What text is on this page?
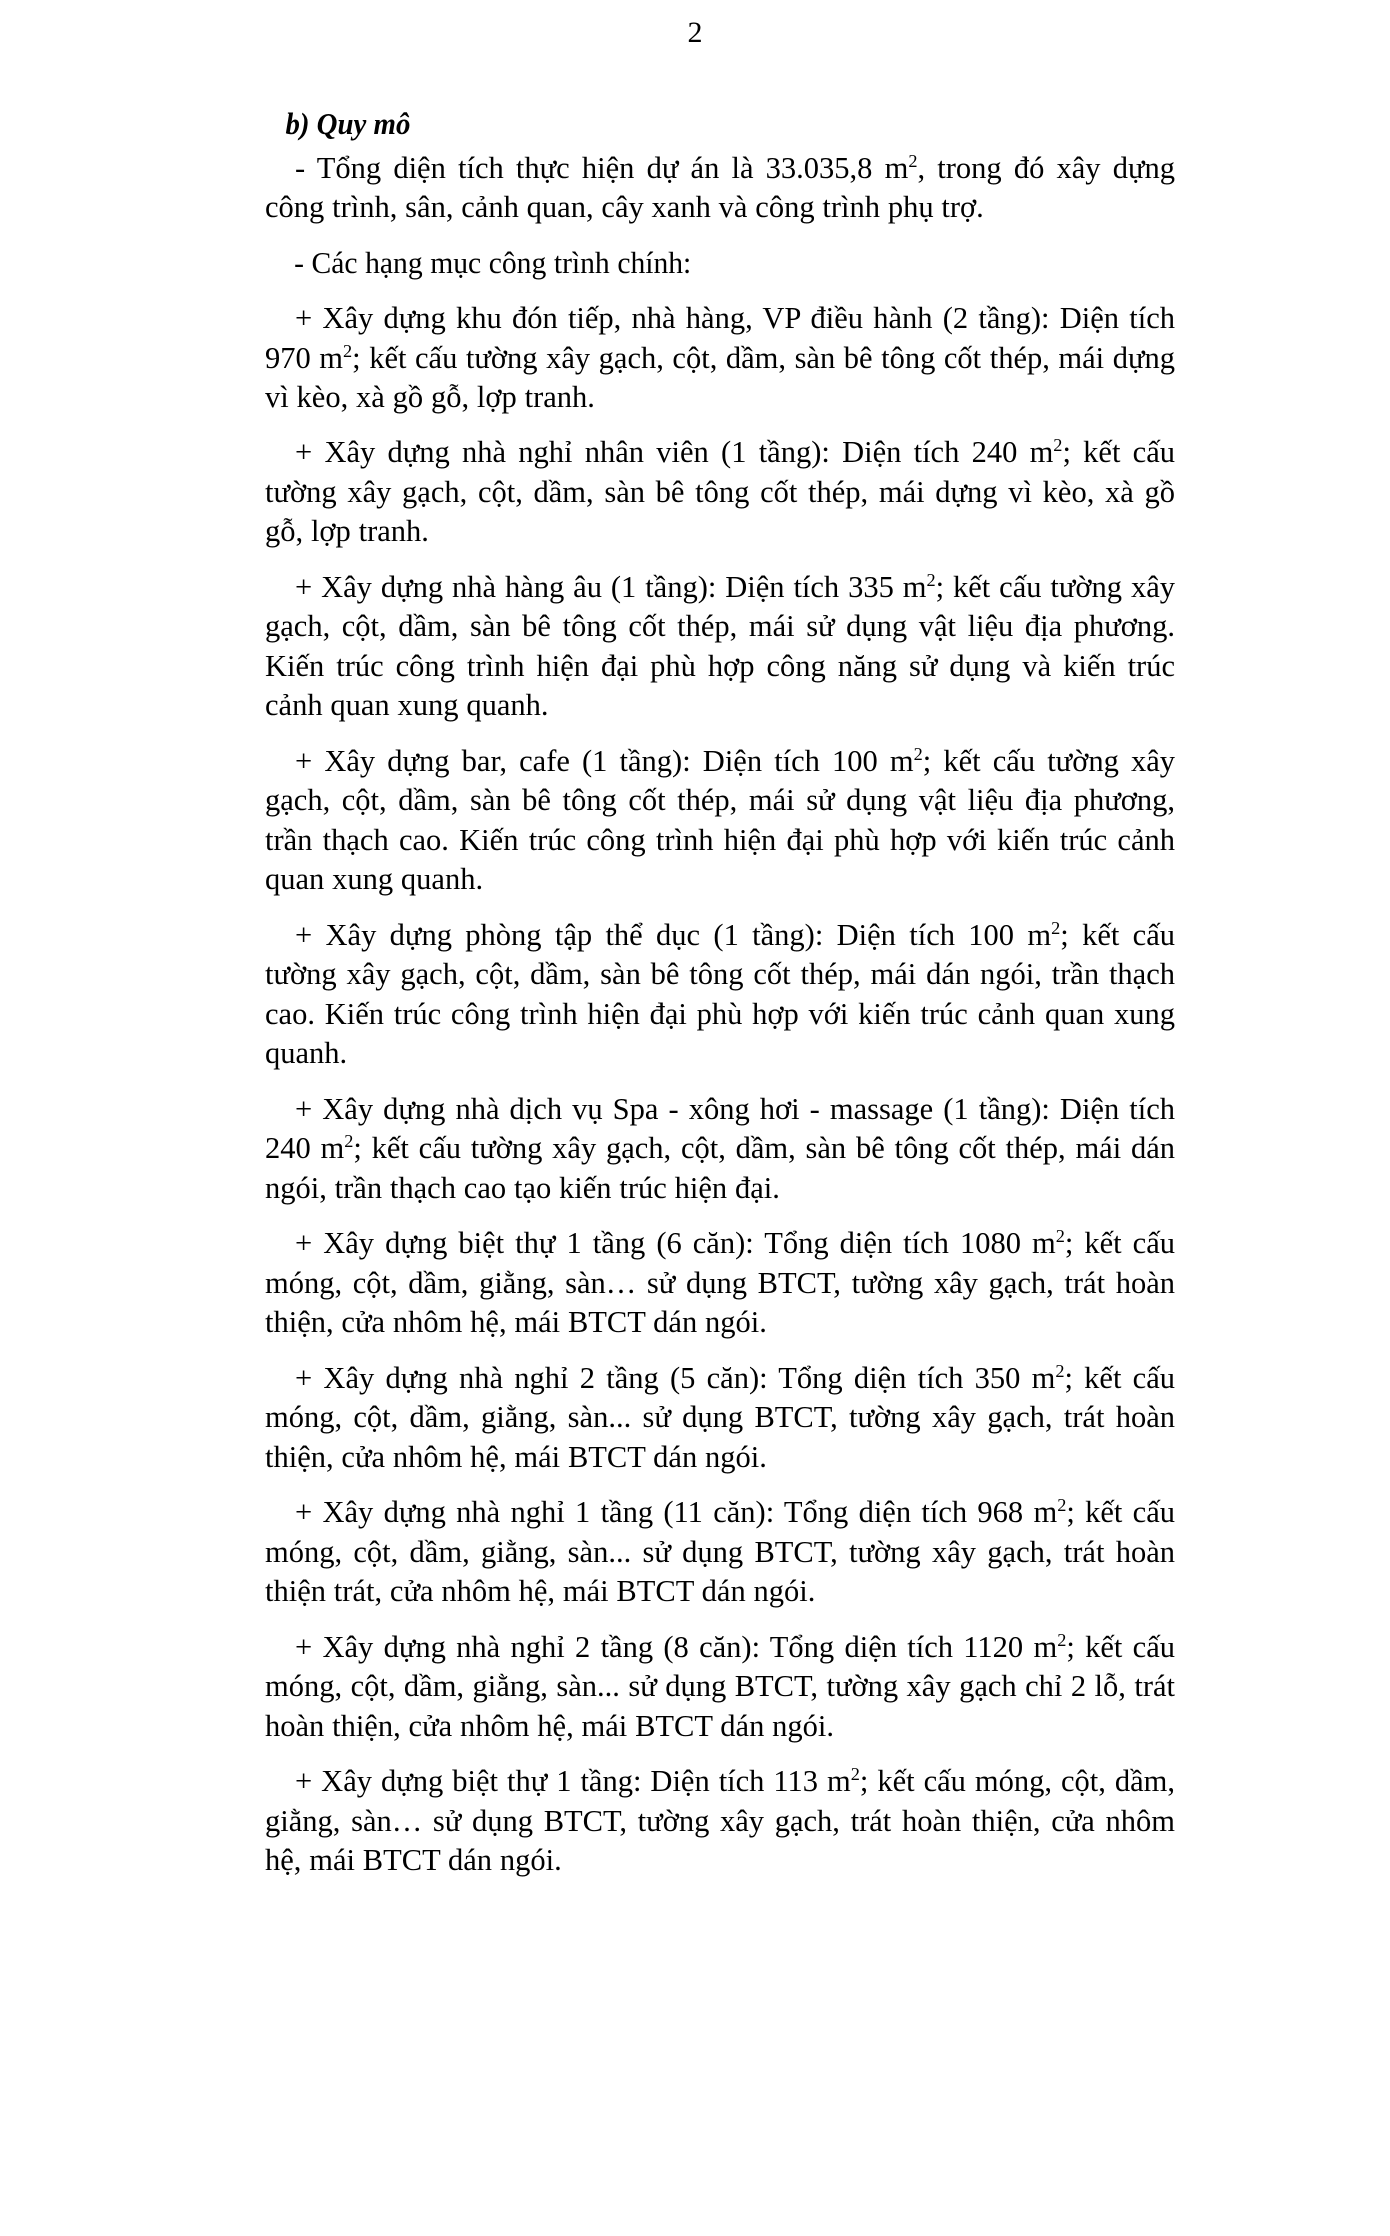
2
b) Quy mô

- Tổng diện tích thực hiện dự án là 33.035,8 $m^2$, trong đó xây dựng công trình, sân, cảnh quan, cây xanh và công trình phụ trợ.

- Các hạng mục công trình chính:

+ Xây dựng khu đón tiếp, nhà hàng, VP điều hành (2 tầng): Diện tích 970 $m^2$; kết cấu tường xây gạch, cột, dầm, sàn bê tông cốt thép, mái dựng vì kèo, xà gồ gỗ, lợp tranh.

+ Xây dựng nhà nghỉ nhân viên (1 tầng): Diện tích 240 $m^2$; kết cấu tường xây gạch, cột, dầm, sàn bê tông cốt thép, mái dựng vì kèo, xà gồ gỗ, lợp tranh.

+ Xây dựng nhà hàng âu (1 tầng): Diện tích 335 $m^2$; kết cấu tường xây gạch, cột, dầm, sàn bê tông cốt thép, mái sử dụng vật liệu địa phương. Kiến trúc công trình hiện đại phù hợp công năng sử dụng và kiến trúc cảnh quan xung quanh.

+ Xây dựng bar, cafe (1 tầng): Diện tích 100 $m^2$; kết cấu tường xây gạch, cột, dầm, sàn bê tông cốt thép, mái sử dụng vật liệu địa phương, trần thạch cao. Kiến trúc công trình hiện đại phù hợp với kiến trúc cảnh quan xung quanh.

+ Xây dựng phòng tập thể dục (1 tầng): Diện tích 100 $m^2$; kết cấu tường xây gạch, cột, dầm, sàn bê tông cốt thép, mái dán ngói, trần thạch cao. Kiến trúc công trình hiện đại phù hợp với kiến trúc cảnh quan xung quanh.

+ Xây dựng nhà dịch vụ Spa - xông hơi - massage (1 tầng): Diện tích 240 $m^2$; kết cấu tường xây gạch, cột, dầm, sàn bê tông cốt thép, mái dán ngói, trần thạch cao tạo kiến trúc hiện đại.

+ Xây dựng biệt thự 1 tầng (6 căn): Tổng diện tích 1080 $m^2$; kết cấu móng, cột, dầm, giằng, sàn… sử dụng BTCT, tường xây gạch, trát hoàn thiện, cửa nhôm hệ, mái BTCT dán ngói.

+ Xây dựng nhà nghỉ 2 tầng (5 căn): Tổng diện tích 350 $m^2$; kết cấu móng, cột, dầm, giằng, sàn... sử dụng BTCT, tường xây gạch, trát hoàn thiện, cửa nhôm hệ, mái BTCT dán ngói.

+ Xây dựng nhà nghỉ 1 tầng (11 căn): Tổng diện tích 968 $m^2$; kết cấu móng, cột, dầm, giằng, sàn... sử dụng BTCT, tường xây gạch, trát hoàn thiện trát, cửa nhôm hệ, mái BTCT dán ngói.

+ Xây dựng nhà nghỉ 2 tầng (8 căn): Tổng diện tích 1120 $m^2$; kết cấu móng, cột, dầm, giằng, sàn... sử dụng BTCT, tường xây gạch chỉ 2 lỗ, trát hoàn thiện, cửa nhôm hệ, mái BTCT dán ngói.

+ Xây dựng biệt thự 1 tầng: Diện tích 113 $m^2$; kết cấu móng, cột, dầm, giằng, sàn… sử dụng BTCT, tường xây gạch, trát hoàn thiện, cửa nhôm hệ, mái BTCT dán ngói.
